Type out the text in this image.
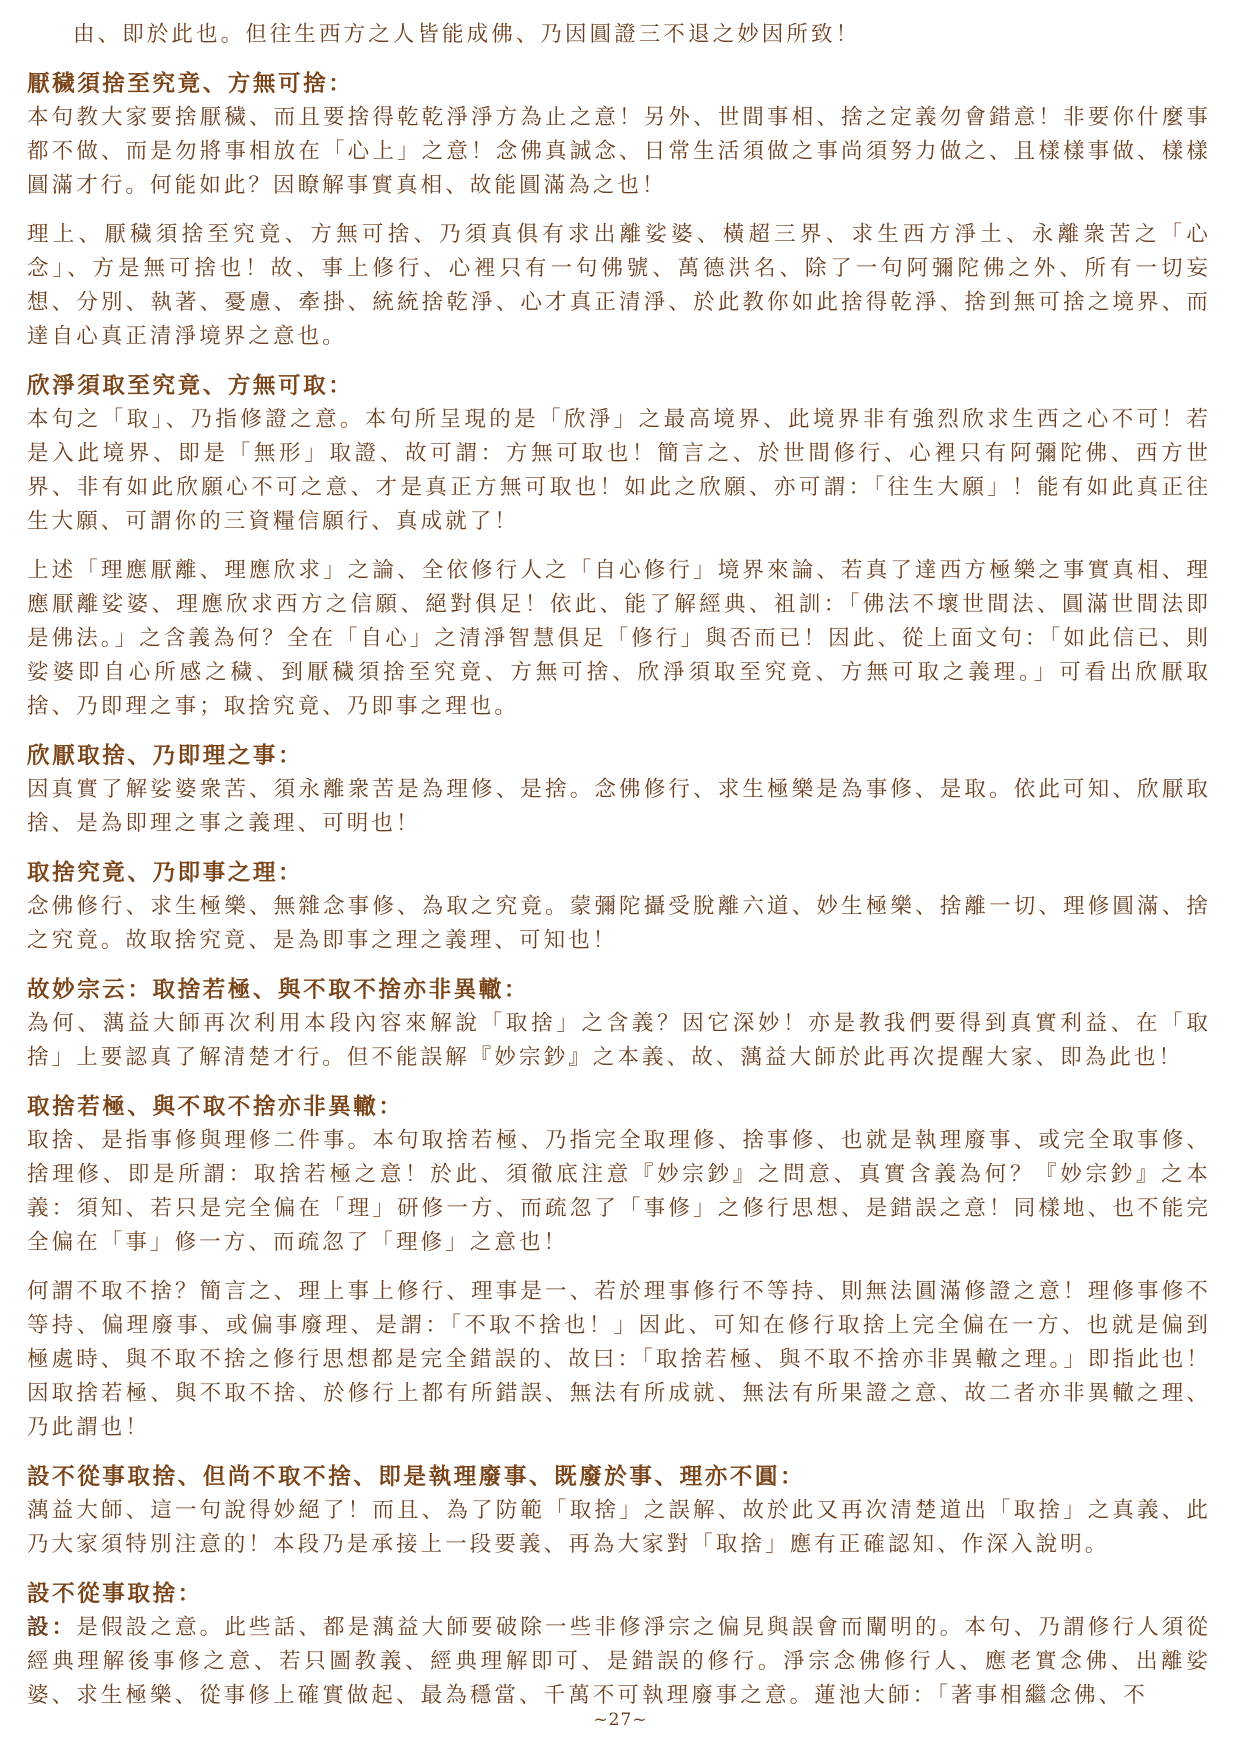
由、即於此也。但往生西方之人皆能成佛、乃因圓證三不退之妙因所致！
厭穢須捨至究竟、方無可捨：
本句教大家要捨厭穢、而且要捨得乾乾淨淨方為止之意！另外、世間事相、捨之定義勿會錯意！非要你什麼事都不做、而是勿將事相放在「心上」之意！念佛真誠念、日常生活須做之事尚須努力做之、且樣樣事做、樣樣圓滿才行。何能如此？因瞭解事實真相、故能圓滿為之也！
理上、厭穢須捨至究竟、方無可捨、乃須真俱有求出離娑婆、橫超三界、求生西方淨土、永離衆苦之「心念」、方是無可捨也！故、事上修行、心裡只有一句佛號、萬德洪名、除了一句阿彌陀佛之外、所有一切妄想、分別、執著、憂慮、牽掛、統統捨乾淨、心才真正清淨、於此教你如此捨得乾淨、捨到無可捨之境界、而達自心真正清淨境界之意也。
欣淨須取至究竟、方無可取：
本句之「取」、乃指修證之意。本句所呈現的是「欣淨」之最高境界、此境界非有強烈欣求生西之心不可！若是入此境界、即是「無形」取證、故可謂：方無可取也！簡言之、於世間修行、心裡只有阿彌陀佛、西方世界、非有如此欣願心不可之意、才是真正方無可取也！如此之欣願、亦可謂：「往生大願」！能有如此真正往生大願、可謂你的三資糧信願行、真成就了！
上述「理應厭離、理應欣求」之論、全依修行人之「自心修行」境界來論、若真了達西方極樂之事實真相、理應厭離娑婆、理應欣求西方之信願、絕對俱足！依此、能了解經典、祖訓：「佛法不壞世間法、圓滿世間法即是佛法。」之含義為何？全在「自心」之清淨智慧俱足「修行」與否而已！因此、從上面文句：「如此信已、則娑婆即自心所感之穢、到厭穢須捨至究竟、方無可捨、欣淨須取至究竟、方無可取之義理。」可看出欣厭取捨、乃即理之事；取捨究竟、乃即事之理也。
欣厭取捨、乃即理之事：
因真實了解娑婆衆苦、須永離衆苦是為理修、是捨。念佛修行、求生極樂是為事修、是取。依此可知、欣厭取捨、是為即理之事之義理、可明也！
取捨究竟、乃即事之理：
念佛修行、求生極樂、無雜念事修、為取之究竟。蒙彌陀攝受脫離六道、妙生極樂、捨離一切、理修圓滿、捨之究竟。故取捨究竟、是為即事之理之義理、可知也！
故妙宗云：取捨若極、與不取不捨亦非異轍：
為何、蕅益大師再次利用本段內容來解說「取捨」之含義？因它深妙！亦是教我們要得到真實利益、在「取捨」上要認真了解清楚才行。但不能誤解『妙宗鈔』之本義、故、蕅益大師於此再次提醒大家、即為此也！
取捨若極、與不取不捨亦非異轍：
取捨、是指事修與理修二件事。本句取捨若極、乃指完全取理修、捨事修、也就是執理廢事、或完全取事修、捨理修、即是所謂：取捨若極之意！於此、須徹底注意『妙宗鈔』之問意、真實含義為何？『妙宗鈔』之本義：須知、若只是完全偏在「理」研修一方、而疏忽了「事修」之修行思想、是錯誤之意！同樣地、也不能完全偏在「事」修一方、而疏忽了「理修」之意也！
何謂不取不捨？簡言之、理上事上修行、理事是一、若於理事修行不等持、則無法圓滿修證之意！理修事修不等持、偏理廢事、或偏事廢理、是謂：「不取不捨也！」因此、可知在修行取捨上完全偏在一方、也就是偏到極處時、與不取不捨之修行思想都是完全錯誤的、故曰：「取捨若極、與不取不捨亦非異轍之理。」即指此也！因取捨若極、與不取不捨、於修行上都有所錯誤、無法有所成就、無法有所果證之意、故二者亦非異轍之理、乃此謂也！
設不從事取捨、但尚不取不捨、即是執理廢事、既廢於事、理亦不圓：
蕅益大師、這一句說得妙絕了！而且、為了防範「取捨」之誤解、故於此又再次清楚道出「取捨」之真義、此乃大家須特別注意的！本段乃是承接上一段要義、再為大家對「取捨」應有正確認知、作深入說明。
設不從事取捨：
設：是假設之意。此些話、都是蕅益大師要破除一些非修淨宗之偏見與誤會而闡明的。本句、乃謂修行人須從經典理解後事修之意、若只圖教義、經典理解即可、是錯誤的修行。淨宗念佛修行人、應老實念佛、出離娑婆、求生極樂、從事修上確實做起、最為穩當、千萬不可執理廢事之意。蓮池大師：「著事相繼念佛、不
~27~
